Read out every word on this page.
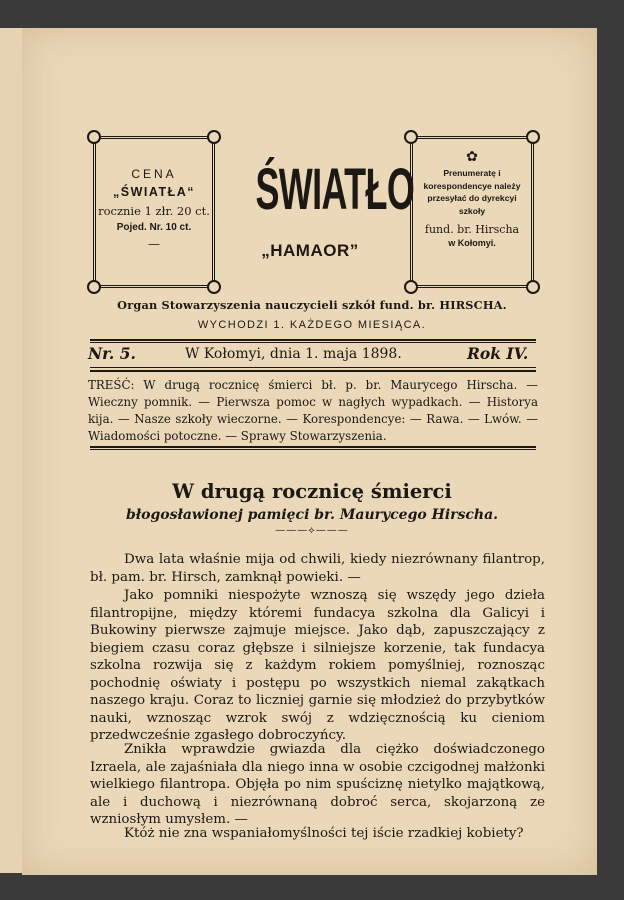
CENA
„ŚWIATŁA“
rocznie 1 złr. 20 ct.
Pojed. Nr. 10 ct.
—
ŚWIATŁO
„HAMAOR”
✿
Prenumeratę i korespondencye należy przesyłać do dyrekcyi szkoły
fund. br. Hirscha
w Kołomyi.
Organ Stowarzyszenia nauczycieli szkół fund. br. HIRSCHA.
WYCHODZI 1. KAŻDEGO MIESIĄCA.
Nr. 5.	W Kołomyi, dnia 1. maja 1898.	Rok IV.
TREŚĆ: W drugą rocznicę śmierci bł. p. br. Maurycego Hirscha. — Wieczny pomnik. — Pierwsza pomoc w nagłych wypadkach. — Historya kija. — Nasze szkoły wieczorne. — Korespondencye: — Rawa. — Lwów. — Wiadomości potoczne. — Sprawy Stowarzyszenia.
W drugą rocznicę śmierci
błogosławionej pamięci br. Maurycego Hirscha.
———⟡———
Dwa lata właśnie mija od chwili, kiedy niezrównany filantrop, bł. pam. br. Hirsch, zamknął powieki. —
Jako pomniki niespożyte wznoszą się wszędy jego dzieła filantropijne, między któremi fundacya szkolna dla Galicyi i Bukowiny pierwsze zajmuje miejsce. Jako dąb, zapuszczający z biegiem czasu coraz głębsze i silniejsze korzenie, tak fundacya szkolna rozwija się z każdym rokiem pomyślniej, roznosząc pochodnię oświaty i postępu po wszystkich niemal zakątkach naszego kraju. Coraz to liczniej garnie się młodzież do przybytków nauki, wznosząc wzrok swój z wdzięcznością ku cieniom przedwcześnie zgasłego dobroczyńcy.
Znikła wprawdzie gwiazda dla ciężko doświadczonego Izraela, ale zajaśniała dla niego inna w osobie czcigodnej małżonki wielkiego filantropa. Objęła po nim spuściznę nietylko majątkową, ale i duchową i niezrównaną dobroć serca, skojarzoną ze wzniosłym umysłem. —
Któż nie zna wspaniałomyślności tej iście rzadkiej kobiety?
